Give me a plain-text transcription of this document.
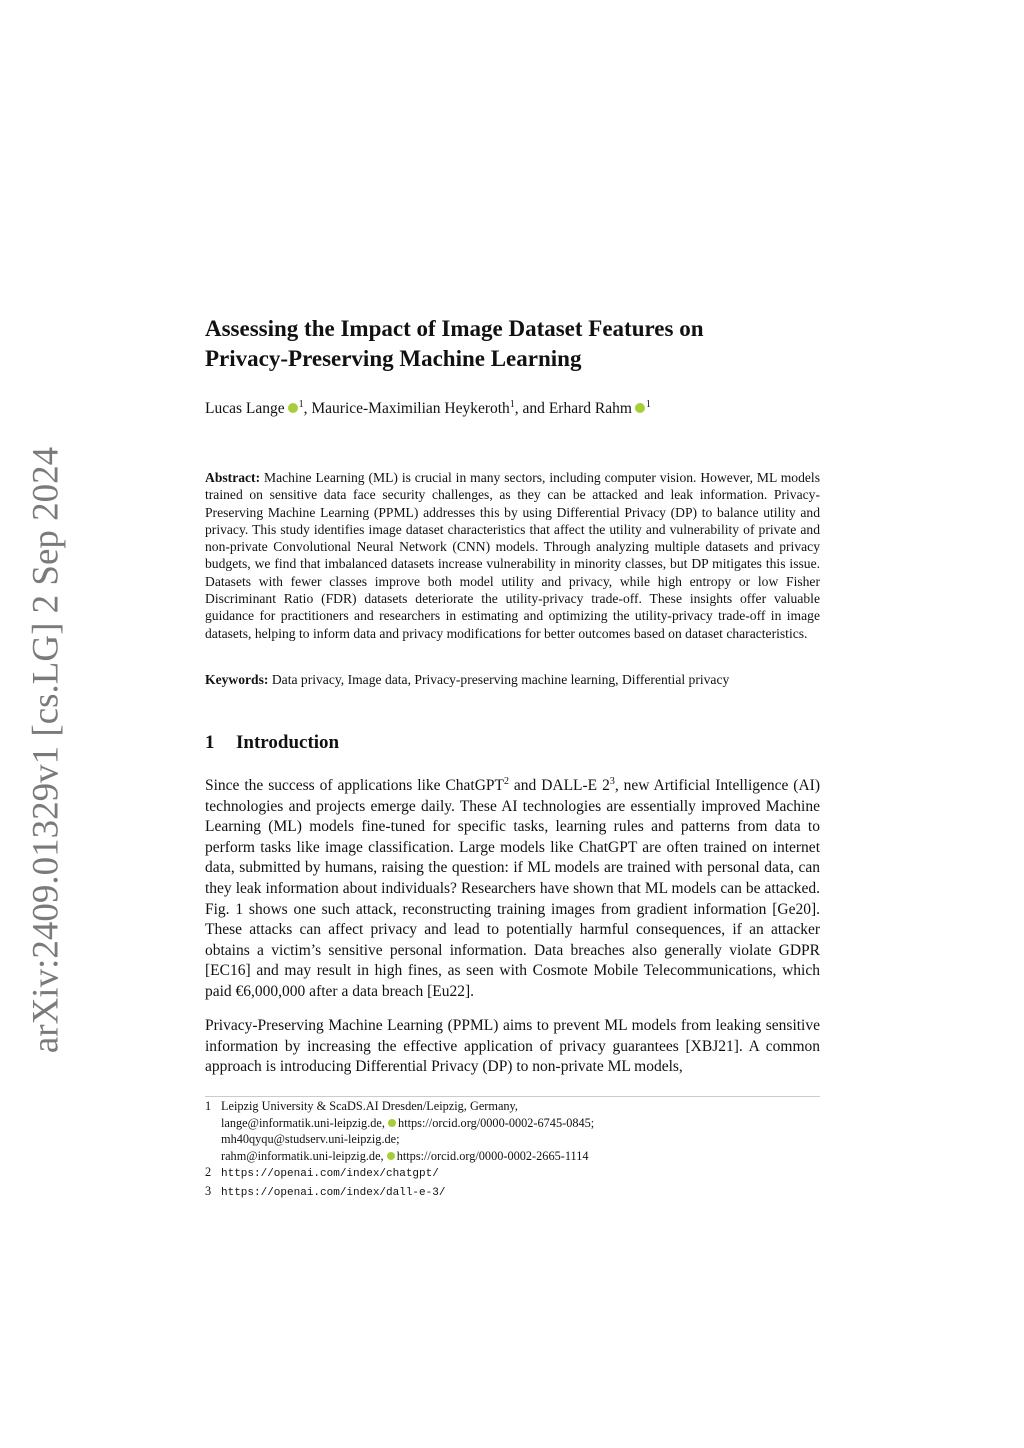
arXiv:2409.01329v1 [cs.LG] 2 Sep 2024
Assessing the Impact of Image Dataset Features on
Privacy-Preserving Machine Learning
Lucas Lange $^1$, Maurice-Maximilian Heykeroth$^1$, and Erhard Rahm $^1$

Abstract: Machine Learning (ML) is crucial in many sectors, including computer vision. However, ML models trained on sensitive data face security challenges, as they can be attacked and leak information. Privacy-Preserving Machine Learning (PPML) addresses this by using Differential Privacy (DP) to balance utility and privacy. This study identifies image dataset characteristics that affect the utility and vulnerability of private and non-private Convolutional Neural Network (CNN) models. Through analyzing multiple datasets and privacy budgets, we find that imbalanced datasets increase vulnerability in minority classes, but DP mitigates this issue. Datasets with fewer classes improve both model utility and privacy, while high entropy or low Fisher Discriminant Ratio (FDR) datasets deteriorate the utility-privacy trade-off. These insights offer valuable guidance for practitioners and researchers in estimating and optimizing the utility-privacy trade-off in image datasets, helping to inform data and privacy modifications for better outcomes based on dataset characteristics.

Keywords: Data privacy, Image data, Privacy-preserving machine learning, Differential privacy
1 Introduction

Since the success of applications like ChatGPT$^2$ and DALL-E $2^3$, new Artificial Intelligence (AI) technologies and projects emerge daily. These AI technologies are essentially improved Machine Learning (ML) models fine-tuned for specific tasks, learning rules and patterns from data to perform tasks like image classification. Large models like ChatGPT are often trained on internet data, submitted by humans, raising the question: if ML models are trained with personal data, can they leak information about individuals? Researchers have shown that ML models can be attacked. Fig. 1 shows one such attack, reconstructing training images from gradient information [Ge20]. These attacks can affect privacy and lead to potentially harmful consequences, if an attacker obtains a victim’s sensitive personal information. Data breaches also generally violate GDPR [EC16] and may result in high fines, as seen with Cosmote Mobile Telecommunications, which paid €6,000,000 after a data breach [Eu22].

Privacy-Preserving Machine Learning (PPML) aims to prevent ML models from leaking sensitive information by increasing the effective application of privacy guarantees [XBJ21]. A common approach is introducing Differential Privacy (DP) to non-private ML models,

1 Leipzig University & ScaDS.AI Dresden/Leipzig, Germany,
lange@informatik.uni-leipzig.de, https://orcid.org/0000-0002-6745-0845;
mh40qyqu@studserv.uni-leipzig.de;
rahm@informatik.uni-leipzig.de, https://orcid.org/0000-0002-2665-1114
2 https://openai.com/index/chatgpt/
3 https://openai.com/index/dall-e-3/
